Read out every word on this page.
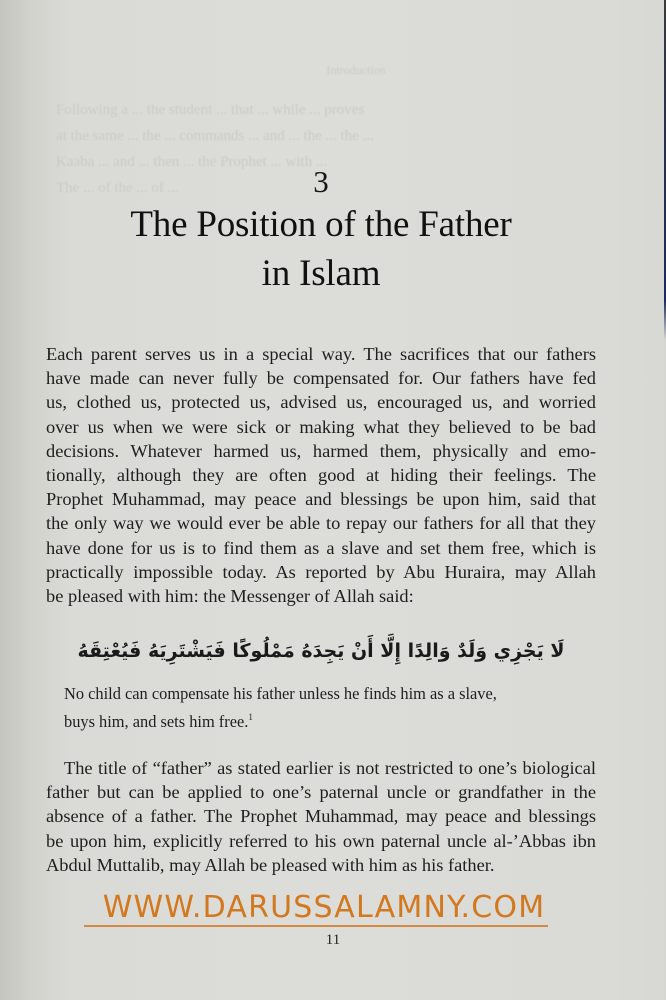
Introduction
Following a ... the student ... that ... while ... proves
at the same ... the ... commands ... and ... the ... the ...
Kaaba ... and ... then ... the Prophet ... with ...
The ... of the ... of ...	3
The Position of the Father
in Islam
Each parent serves us in a special way. The sacrifices that our fathers
have made can never fully be compensated for. Our fathers have fed
us, clothed us, protected us, advised us, encouraged us, and worried
over us when we were sick or making what they believed to be bad
decisions. Whatever harmed us, harmed them, physically and emo-
tionally, although they are often good at hiding their feelings. The
Prophet Muhammad, may peace and blessings be upon him, said that
the only way we would ever be able to repay our fathers for all that they
have done for us is to find them as a slave and set them free, which is
practically impossible today. As reported by Abu Huraira, may Allah
be pleased with him: the Messenger of Allah said:
لَا يَجْزِي وَلَدٌ وَالِدًا إِلَّا أَنْ يَجِدَهُ مَمْلُوكًا فَيَشْتَرِيَهُ فَيُعْتِقَهُ
No child can compensate his father unless he finds him as a slave,
buys him, and sets him free.$^1$
The title of “father” as stated earlier is not restricted to one’s biological
father but can be applied to one’s paternal uncle or grandfather in the
absence of a father. The Prophet Muhammad, may peace and blessings
be upon him, explicitly referred to his own paternal uncle al-’Abbas ibn
Abdul Muttalib, may Allah be pleased with him as his father.
WWW.DARUSSALAMNY.COM
11
